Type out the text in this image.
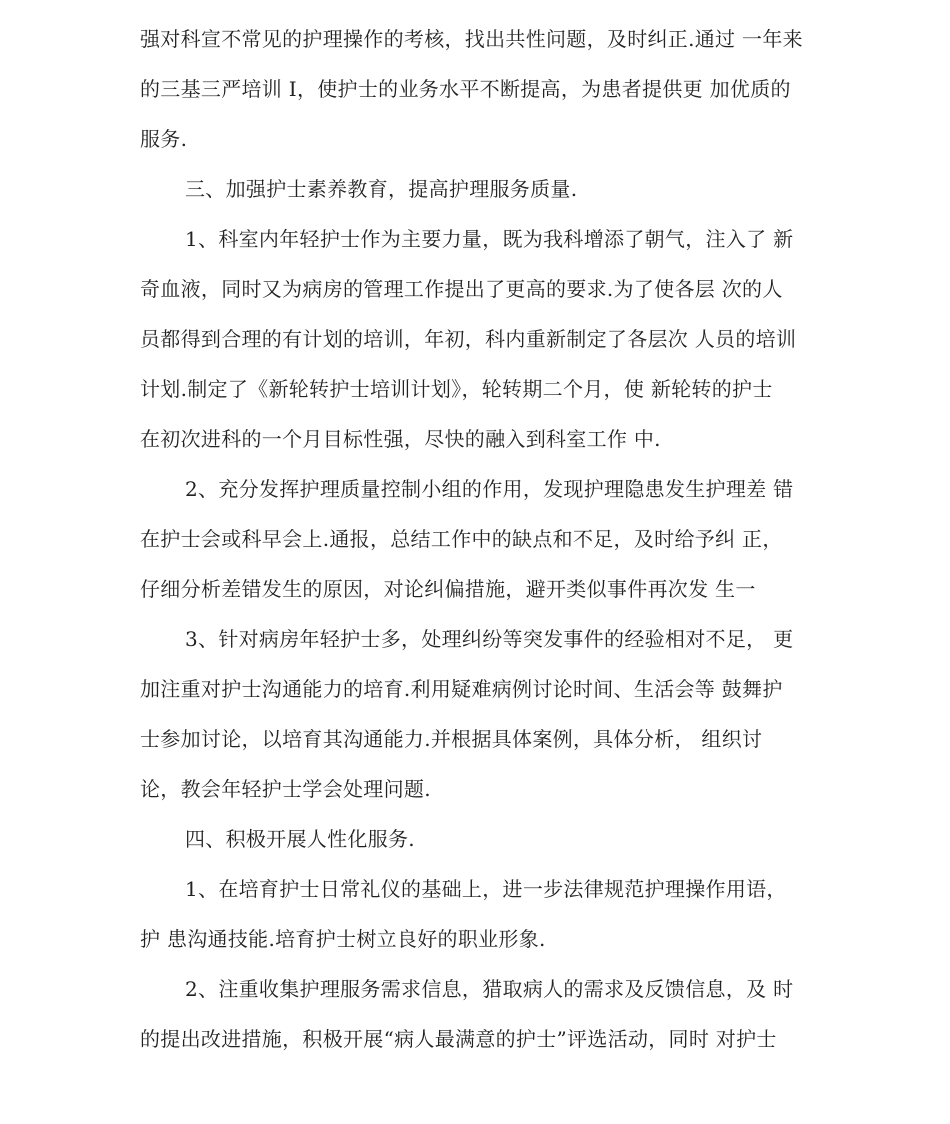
强对科宣不常见的护理操作的考核，找出共性问题，及时纠正.通过 一年来
的三基三严培训 I，使护士的业务水平不断提高，为患者提供更 加优质的
服务.
三、加强护士素养教育，提高护理服务质量.
1、科室内年轻护士作为主要力量，既为我科增添了朝气，注入了 新
奇血液，同时又为病房的管理工作提出了更高的要求.为了使各层 次的人
员都得到合理的有计划的培训，年初，科内重新制定了各层次 人员的培训
计划.制定了《新轮转护士培训计划》，轮转期二个月，使 新轮转的护士
在初次进科的一个月目标性强，尽快的融入到科室工作 中.
2、充分发挥护理质量控制小组的作用，发现护理隐患发生护理差 错
在护士会或科早会上.通报，总结工作中的缺点和不足，及时给予纠 正，
仔细分析差错发生的原因，对论纠偏措施，避开类似事件再次发 生一
3、针对病房年轻护士多，处理纠纷等突发事件的经验相对不足， 更
加注重对护士沟通能力的培育.利用疑难病例讨论时间、生活会等 鼓舞护
士参加讨论，以培育其沟通能力.并根据具体案例，具体分析， 组织讨
论，教会年轻护士学会处理问题.
四、积极开展人性化服务.
1、在培育护士日常礼仪的基础上，进一步法律规范护理操作用语，
护 患沟通技能.培育护士树立良好的职业形象.
2、注重收集护理服务需求信息，猎取病人的需求及反馈信息，及 时
的提出改进措施，积极开展“病人最满意的护士”评选活动，同时 对护士
